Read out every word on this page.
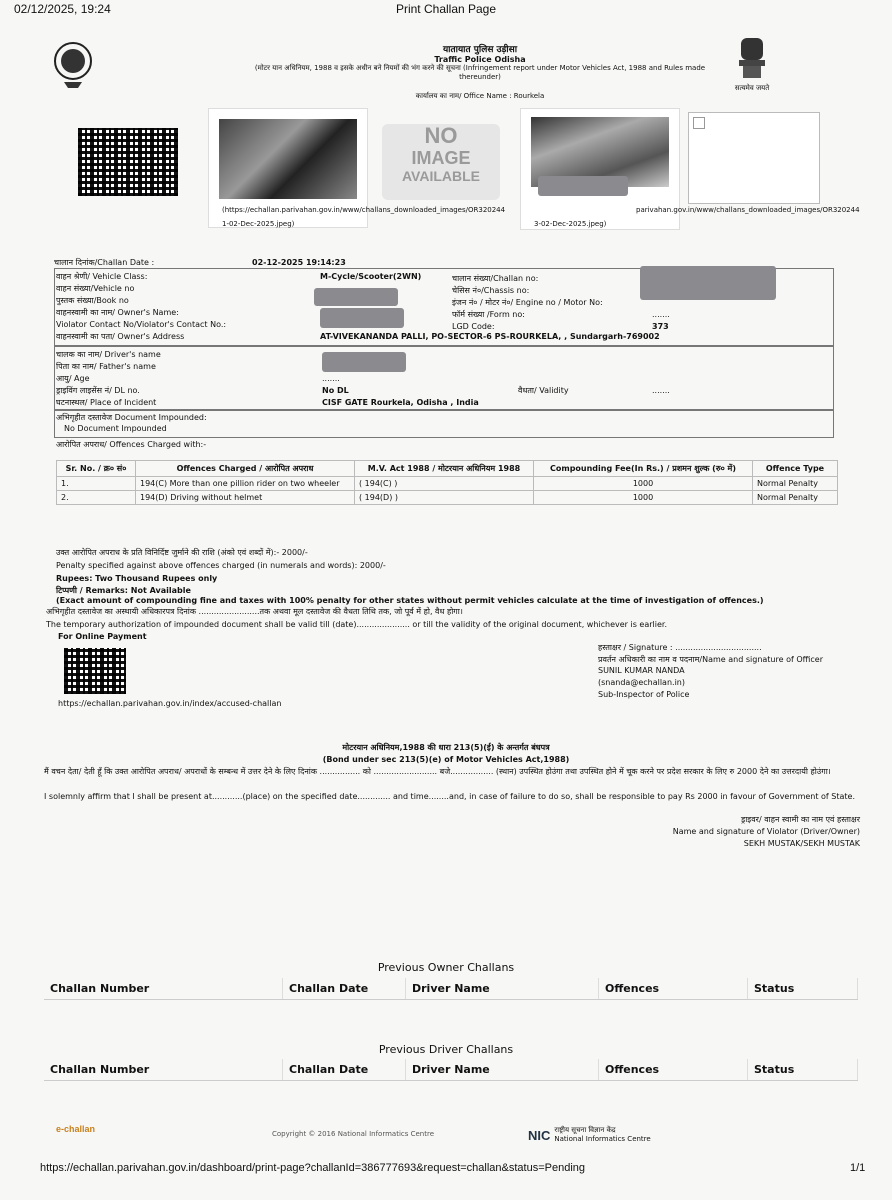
02/12/2025, 19:24	Print Challan Page
सत्यमेव जयते
यातायात पुलिस उड़ीसा
Traffic Police Odisha
(मोटर यान अधिनियम, 1988 व इसके अधीन बने नियमों की भंग करने की सूचना (Infringement report under Motor Vehicles Act, 1988 and Rules made
thereunder)
कार्यालय का नाम/ Office Name : Rourkela
(https://echallan.parivahan.gov.in/www/challans_downloaded_images/OR320244
1-02-Dec-2025.jpeg)
NO
IMAGE
AVAILABLE
3-02-Dec-2025.jpeg)
parivahan.gov.in/www/challans_downloaded_images/OR320244
चालान दिनांक/Challan Date :	02-12-2025 19:14:23
वाहन श्रेणी/ Vehicle Class:	M-Cycle/Scooter(2WN)
वाहन संख्या/Vehicle no
पुस्तक संख्या/Book no
वाहनस्वामी का नाम/ Owner's Name:
Violator Contact No/Violator's Contact No.:
वाहनस्वामी का पता/ Owner's Address	AT-VIVEKANANDA PALLI, PO-SECTOR-6 PS-ROURKELA, , Sundargarh-769002
चालान संख्या/Challan no:
चेसिस नं०/Chassis no:
इंजन नं० / मोटर नं०/ Engine no / Motor No:
फॉर्म संख्या /Form no:	.......
LGD Code:	373
चालक का नाम/ Driver's name
पिता का नाम/ Father's name
आयु/ Age	.......
ड्राइविंग लाइसेंस नं/ DL no.	No DL	वैधता/ Validity	.......
घटनास्थल/ Place of Incident	CISF GATE Rourkela, Odisha , India
अभिगृहीत दस्तावेज Document Impounded:
No Document Impounded
आरोपित अपराध/ Offences Charged with:-
Sr. No. / क्र० सं०	Offences Charged / आरोपित अपराध	M.V. Act 1988 / मोटरयान अधिनियम 1988	Compounding Fee(In Rs.) / प्रशमन शुल्क (रु० में)	Offence Type
1.	194(C) More than one pillion rider on two wheeler	( 194(C) )	1000	Normal Penalty
2.	194(D) Driving without helmet	( 194(D) )	1000	Normal Penalty
उक्त आरोपित अपराध के प्रति विनिर्दिष्ट जुर्माने की राशि (अंको एवं शब्दों में):- 2000/-
Penalty specified against above offences charged (in numerals and words): 2000/-
Rupees: Two Thousand Rupees only
टिप्पणी / Remarks: Not Available
(Exact amount of compounding fine and taxes with 100% penalty for other states without permit vehicles calculate at the time of investigation of offences.)
अभिगृहीत दस्तावेज का अस्थायी अधिकारपत्र दिनांक ........................तक अथवा मूल दस्तावेज की वैधता तिथि तक, जो पूर्व में हो, वैध होगा।
The temporary authorization of impounded document shall be valid till (date)..................... or till the validity of the original document, whichever is earlier.
For Online Payment
https://echallan.parivahan.gov.in/index/accused-challan
हस्ताक्षर / Signature : ..................................
प्रवर्तन अधिकारी का नाम व पदनाम/Name and signature of Officer
SUNIL KUMAR NANDA
(snanda@echallan.in)
Sub-Inspector of Police
मोटरयान अधिनियम,1988 की धारा 213(5)(ई) के अन्तर्गत बंधपत्र
(Bond under sec 213(5)(e) of Motor Vehicles Act,1988)
मैं वचन देता/ देती हूँ कि उक्त आरोपित अपराध/ अपराधों के सम्बन्ध में उत्तर देने के लिए दिनांक ................ को ......................... बजे................. (स्थान) उपस्थित होउंगा तथा उपस्थित होने में चूक करने पर प्रदेश सरकार के लिए रु 2000 देने का उत्तरदायी होउंगा।
I solemnly affirm that I shall be present at............(place) on the specified date............. and time........and, in case of failure to do so, shall be responsible to pay Rs 2000 in favour of Government of State.
ड्राइवर/ वाहन स्वामी का नाम एवं हस्ताक्षर
Name and signature of Violator (Driver/Owner)
SEKH MUSTAK/SEKH MUSTAK
Previous Owner Challans
Challan Number	Challan Date	Driver Name	Offences	Status
Previous Driver Challans
Challan Number	Challan Date	Driver Name	Offences	Status
e-challan	Copyright © 2016 National Informatics Centre	NIC राष्ट्रीय सूचना विज्ञान केंद्र
National Informatics Centre
https://echallan.parivahan.gov.in/dashboard/print-page?challanId=386777693&request=challan&status=Pending	1/1
